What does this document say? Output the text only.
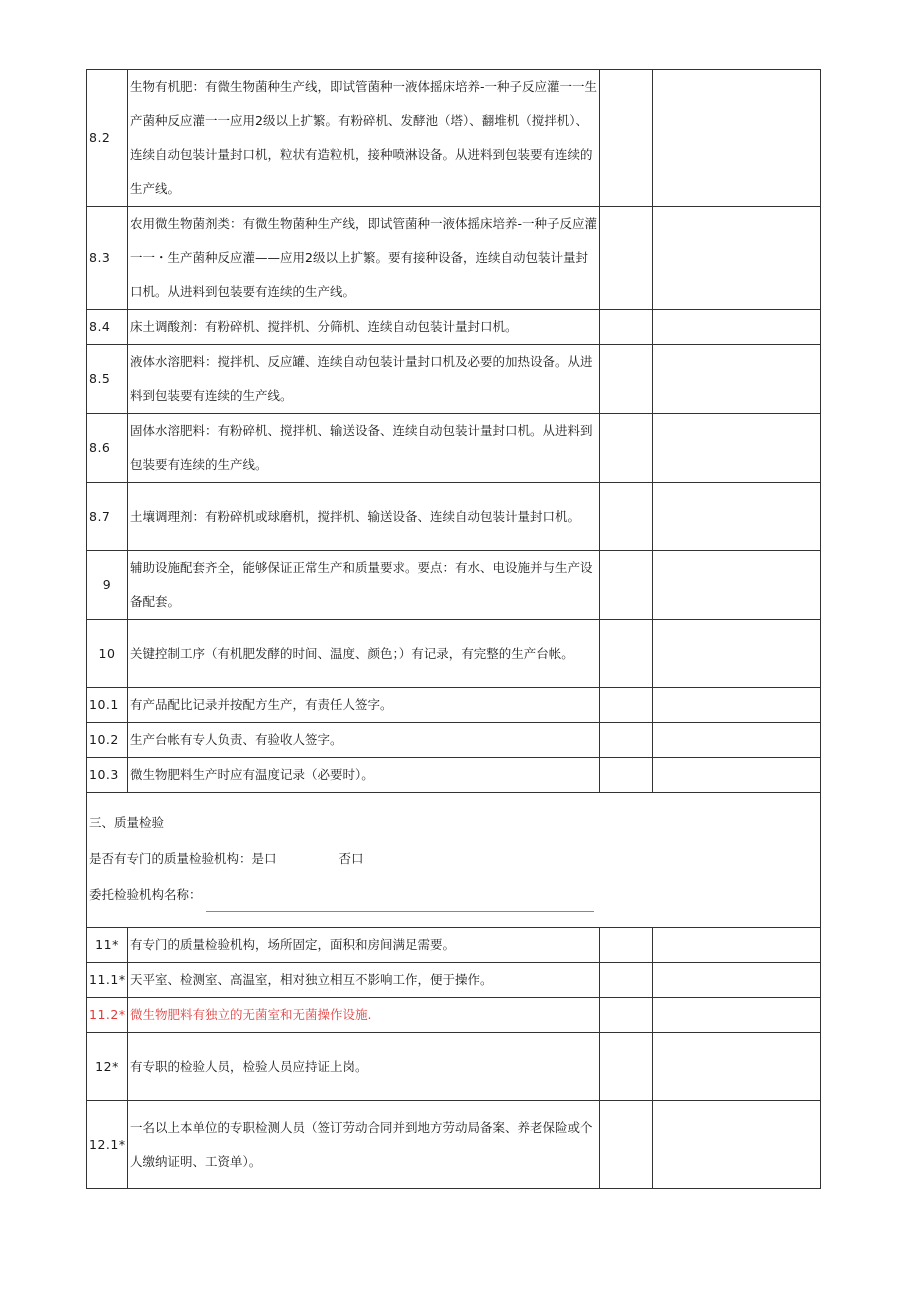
8.2	生物有机肥：有微生物菌种生产线，即试管菌种一液体摇床培养-一种子反应灌一一生产菌种反应灌一一应用2级以上扩繁。有粉碎机、发酵池（塔）、翻堆机（搅拌机）、连续自动包装计量封口机，粒状有造粒机，接种喷淋设备。从进料到包装要有连续的生产线。		
8.3	农用微生物菌剂类：有微生物菌种生产线，即试管菌种一液体摇床培养-一种子反应灌一一・生产菌种反应灌——应用2级以上扩繁。要有接种设备，连续自动包装计量封口机。从进料到包装要有连续的生产线。		
8.4	床土调酸剂：有粉碎机、搅拌机、分筛机、连续自动包装计量封口机。		
8.5	液体水溶肥料：搅拌机、反应罐、连续自动包装计量封口机及必要的加热设备。从进料到包装要有连续的生产线。		
8.6	固体水溶肥料：有粉碎机、搅拌机、输送设备、连续自动包装计量封口机。从进料到包装要有连续的生产线。		
8.7	土壤调理剂：有粉碎机或球磨机，搅拌机、输送设备、连续自动包装计量封口机。		
9	辅助设施配套齐全，能够保证正常生产和质量要求。要点：有水、电设施并与生产设备配套。		
10	关键控制工序（有机肥发酵的时间、温度、颜色；）有记录，有完整的生产台帐。		
10.1	有产品配比记录并按配方生产，有责任人签字。		
10.2	生产台帐有专人负责、有验收人签字。		
10.3	微生物肥料生产时应有温度记录（必要时）。		

三、质量检验
是否有专门的质量检验机构：是口 否口
委托检验机构名称：			

11*	有专门的质量检验机构，场所固定，面积和房间满足需要。		
11.1*	天平室、检测室、高温室，相对独立相互不影响工作，便于操作。		
11.2*	微生物肥料有独立的无菌室和无菌操作设施.		
12*	有专职的检验人员，检验人员应持证上岗。		
12.1*	一名以上本单位的专职检测人员（签订劳动合同并到地方劳动局备案、养老保险或个人缴纳证明、工资单）。		
